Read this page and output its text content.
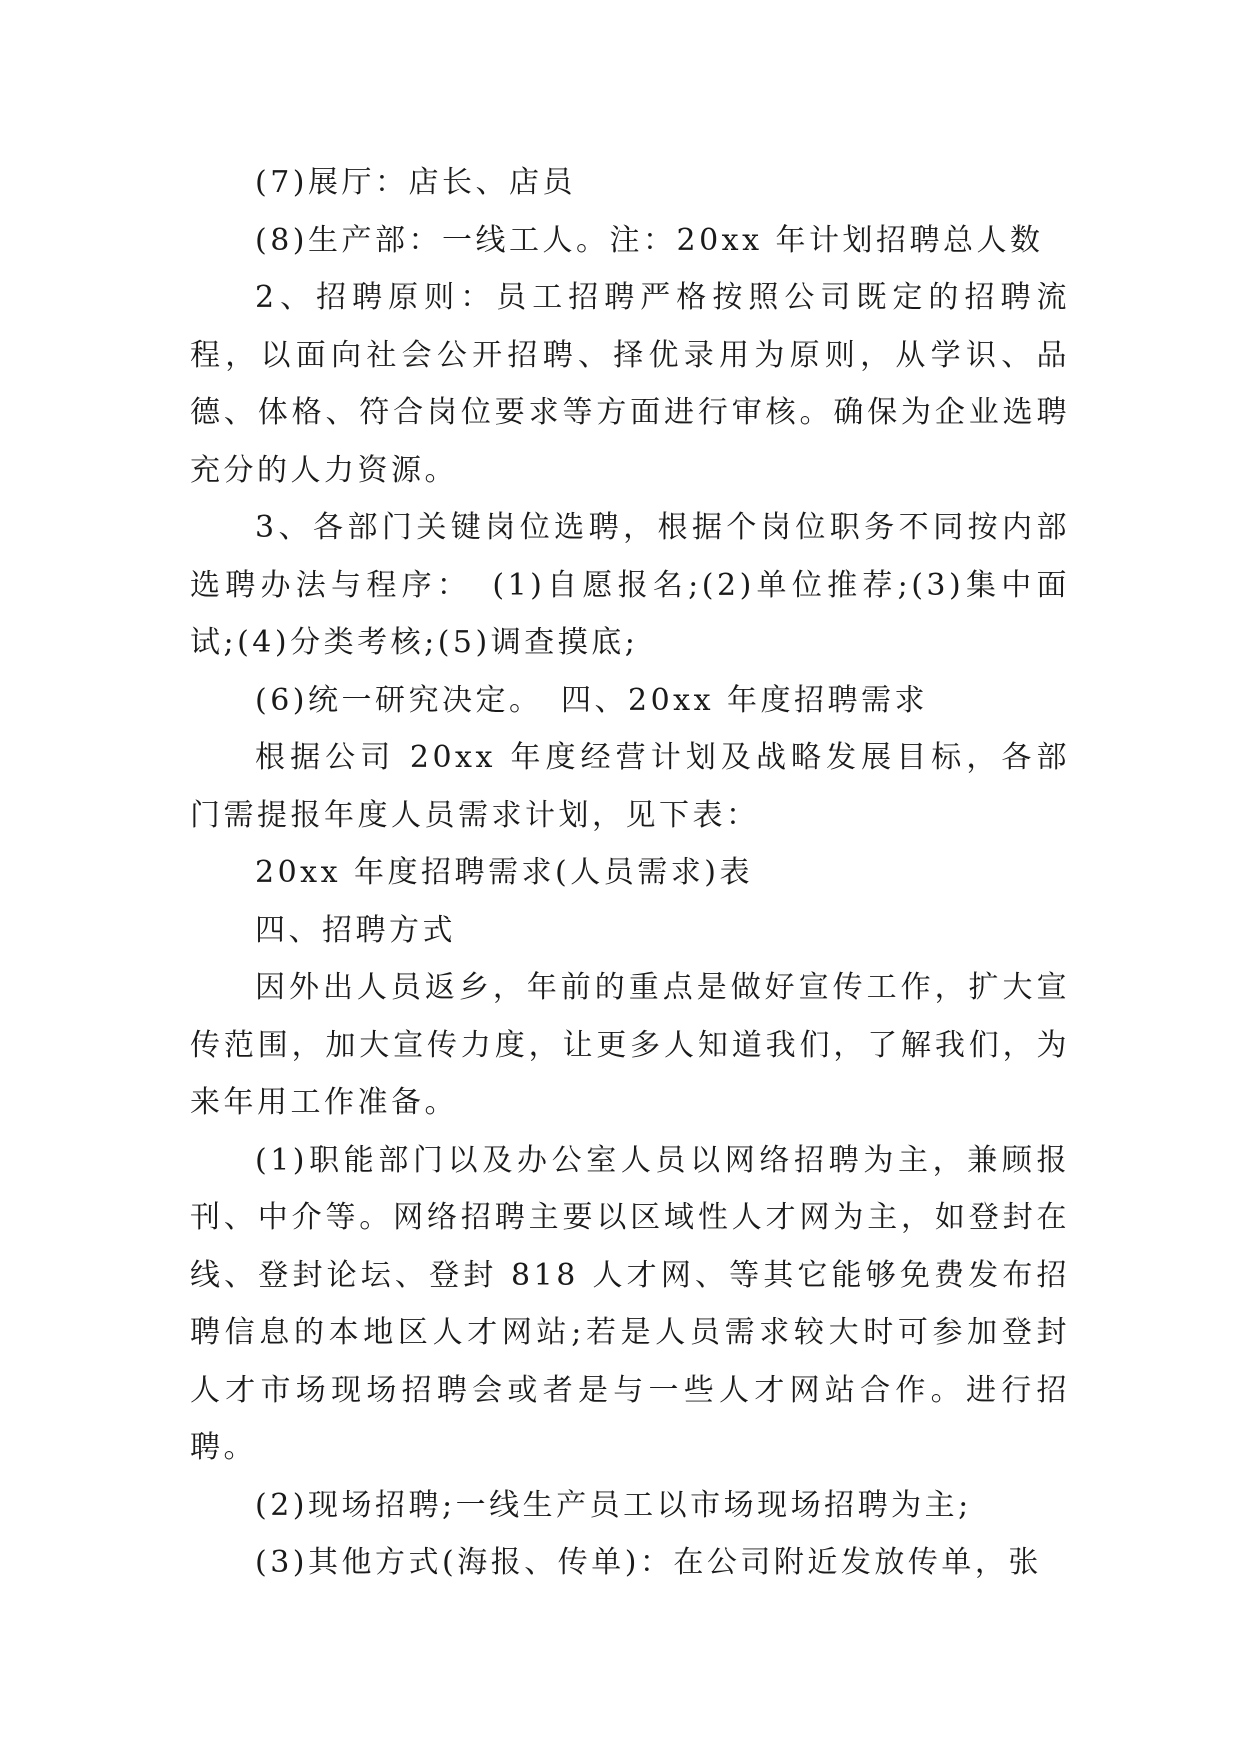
(7)展厅：店长、店员

(8)生产部：一线工人。注：20xx 年计划招聘总人数

2、招聘原则：员工招聘严格按照公司既定的招聘流程，以面向社会公开招聘、择优录用为原则，从学识、品德、体格、符合岗位要求等方面进行审核。确保为企业选聘充分的人力资源。

3、各部门关键岗位选聘，根据个岗位职务不同按内部选聘办法与程序：　(1)自愿报名;(2)单位推荐;(3)集中面试;(4)分类考核;(5)调查摸底;

(6)统一研究决定。　四、20xx 年度招聘需求

根据公司 20xx 年度经营计划及战略发展目标，各部门需提报年度人员需求计划，见下表：

20xx 年度招聘需求(人员需求)表

四、招聘方式

因外出人员返乡，年前的重点是做好宣传工作，扩大宣传范围，加大宣传力度，让更多人知道我们，了解我们，为来年用工作准备。

(1)职能部门以及办公室人员以网络招聘为主，兼顾报刊、中介等。网络招聘主要以区域性人才网为主，如登封在线、登封论坛、登封 818 人才网、等其它能够免费发布招聘信息的本地区人才网站;若是人员需求较大时可参加登封人才市场现场招聘会或者是与一些人才网站合作。进行招聘。

(2)现场招聘;一线生产员工以市场现场招聘为主;

(3)其他方式(海报、传单)：在公司附近发放传单，张
